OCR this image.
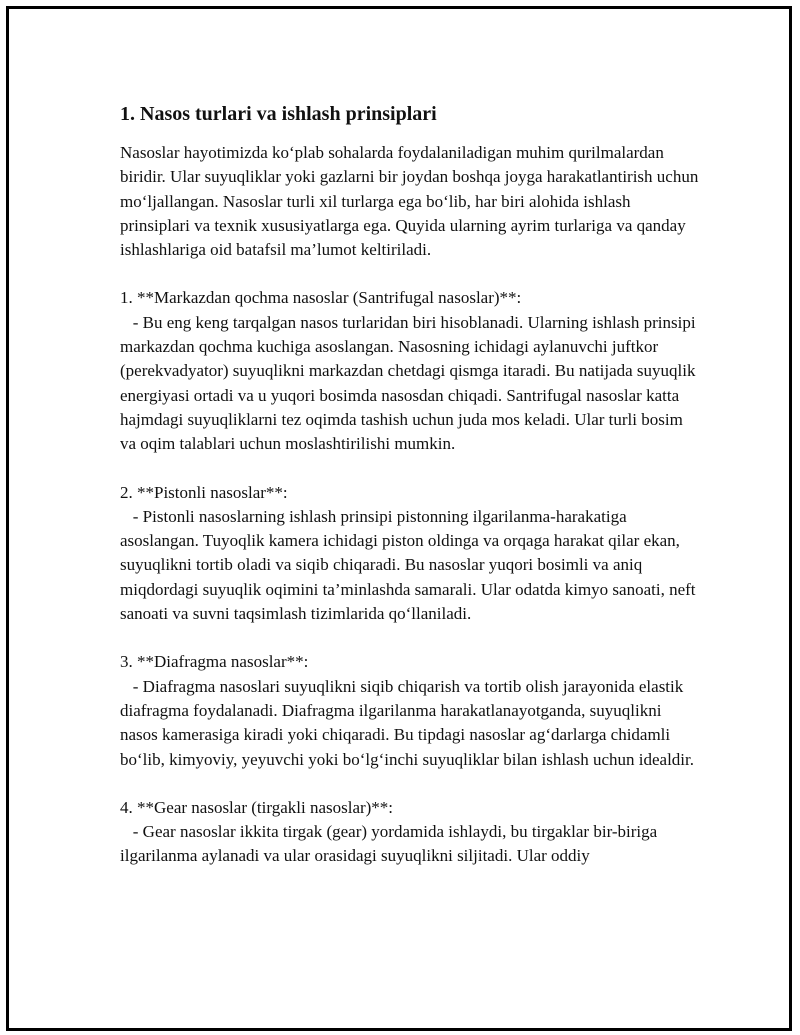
1. Nasos turlari va ishlash prinsiplari

Nasoslar hayotimizda ko‘plab sohalarda foydalaniladigan muhim qurilmalardan biridir. Ular suyuqliklar yoki gazlarni bir joydan boshqa joyga harakatlantirish uchun mo‘ljallangan. Nasoslar turli xil turlarga ega bo‘lib, har biri alohida ishlash prinsiplari va texnik xususiyatlarga ega. Quyida ularning ayrim turlariga va qanday ishlashlariga oid batafsil ma’lumot keltiriladi.

1. **Markazdan qochma nasoslar (Santrifugal nasoslar)**:
- Bu eng keng tarqalgan nasos turlaridan biri hisoblanadi. Ularning ishlash prinsipi markazdan qochma kuchiga asoslangan. Nasosning ichidagi aylanuvchi juftkor (perekvadyator) suyuqlikni markazdan chetdagi qismga itaradi. Bu natijada suyuqlik energiyasi ortadi va u yuqori bosimda nasosdan chiqadi. Santrifugal nasoslar katta hajmdagi suyuqliklarni tez oqimda tashish uchun juda mos keladi. Ular turli bosim va oqim talablari uchun moslashtirilishi mumkin.
2. **Pistonli nasoslar**:
- Pistonli nasoslarning ishlash prinsipi pistonning ilgarilanma-harakatiga asoslangan. Tuyoqlik kamera ichidagi piston oldinga va orqaga harakat qilar ekan, suyuqlikni tortib oladi va siqib chiqaradi. Bu nasoslar yuqori bosimli va aniq miqdordagi suyuqlik oqimini ta’minlashda samarali. Ular odatda kimyo sanoati, neft sanoati va suvni taqsimlash tizimlarida qo‘llaniladi.
3. **Diafragma nasoslar**:
- Diafragma nasoslari suyuqlikni siqib chiqarish va tortib olish jarayonida elastik diafragma foydalanadi. Diafragma ilgarilanma harakatlanayotganda, suyuqlikni nasos kamerasiga kiradi yoki chiqaradi. Bu tipdagi nasoslar ag‘darlarga chidamli bo‘lib, kimyoviy, yeyuvchi yoki bo‘lg‘inchi suyuqliklar bilan ishlash uchun idealdir.
4. **Gear nasoslar (tirgakli nasoslar)**:
- Gear nasoslar ikkita tirgak (gear) yordamida ishlaydi, bu tirgaklar bir-biriga ilgarilanma aylanadi va ular orasidagi suyuqlikni siljitadi. Ular oddiy
